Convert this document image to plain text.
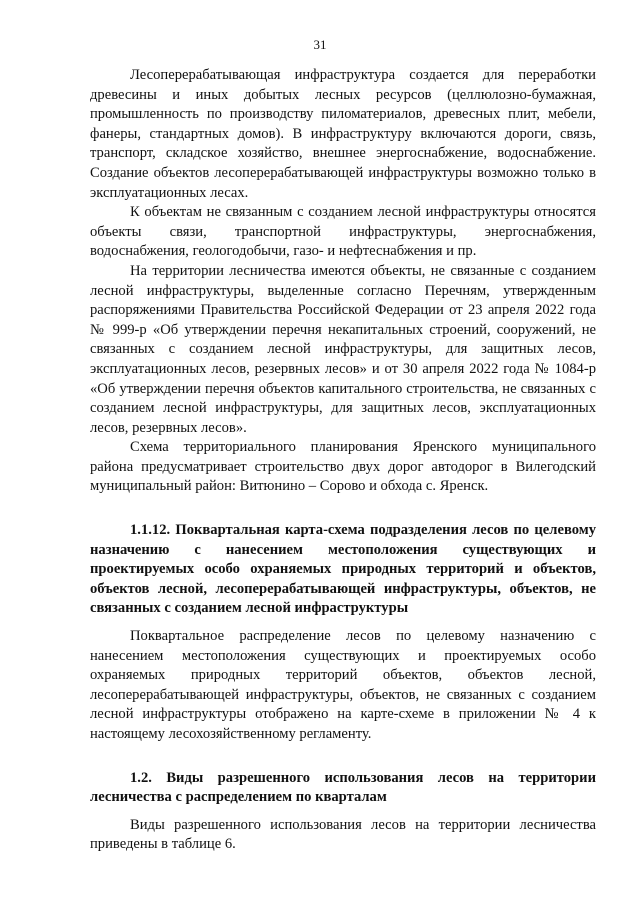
31

Лесоперерабатывающая инфраструктура создается для переработки древесины и иных добытых лесных ресурсов (целлюлозно-бумажная, промышленность по производству пиломатериалов, древесных плит, мебели, фанеры, стандартных домов). В инфраструктуру включаются дороги, связь, транспорт, складское хозяйство, внешнее энергоснабжение, водоснабжение. Создание объектов лесоперерабатывающей инфраструктуры возможно только в эксплуатационных лесах.

К объектам не связанным с созданием лесной инфраструктуры относятся объекты связи, транспортной инфраструктуры, энергоснабжения, водоснабжения, геологодобычи, газо- и нефтеснабжения и пр.

На территории лесничества имеются объекты, не связанные с созданием лесной инфраструктуры, выделенные согласно Перечням, утвержденным распоряжениями Правительства Российской Федерации от 23 апреля 2022 года № 999-р «Об утверждении перечня некапитальных строений, сооружений, не связанных с созданием лесной инфраструктуры, для защитных лесов, эксплуатационных лесов, резервных лесов» и от 30 апреля 2022 года № 1084-р «Об утверждении перечня объектов капитального строительства, не связанных с созданием лесной инфраструктуры, для защитных лесов, эксплуатационных лесов, резервных лесов».

Схема территориального планирования Яренского муниципального района предусматривает строительство двух дорог автодорог в Вилегодский муниципальный район: Витюнино – Сорово и обхода с. Яренск.

1.1.12. Поквартальная карта-схема подразделения лесов по целевому назначению с нанесением местоположения существующих и проектируемых особо охраняемых природных территорий и объектов, объектов лесной, лесоперерабатывающей инфраструктуры, объектов, не связанных с созданием лесной инфраструктуры

Поквартальное распределение лесов по целевому назначению с нанесением местоположения существующих и проектируемых особо охраняемых природных территорий объектов, объектов лесной, лесоперерабатывающей инфраструктуры, объектов, не связанных с созданием лесной инфраструктуры отображено на карте-схеме в приложении № 4 к настоящему лесохозяйственному регламенту.

1.2. Виды разрешенного использования лесов на территории лесничества с распределением по кварталам

Виды разрешенного использования лесов на территории лесничества приведены в таблице 6.
